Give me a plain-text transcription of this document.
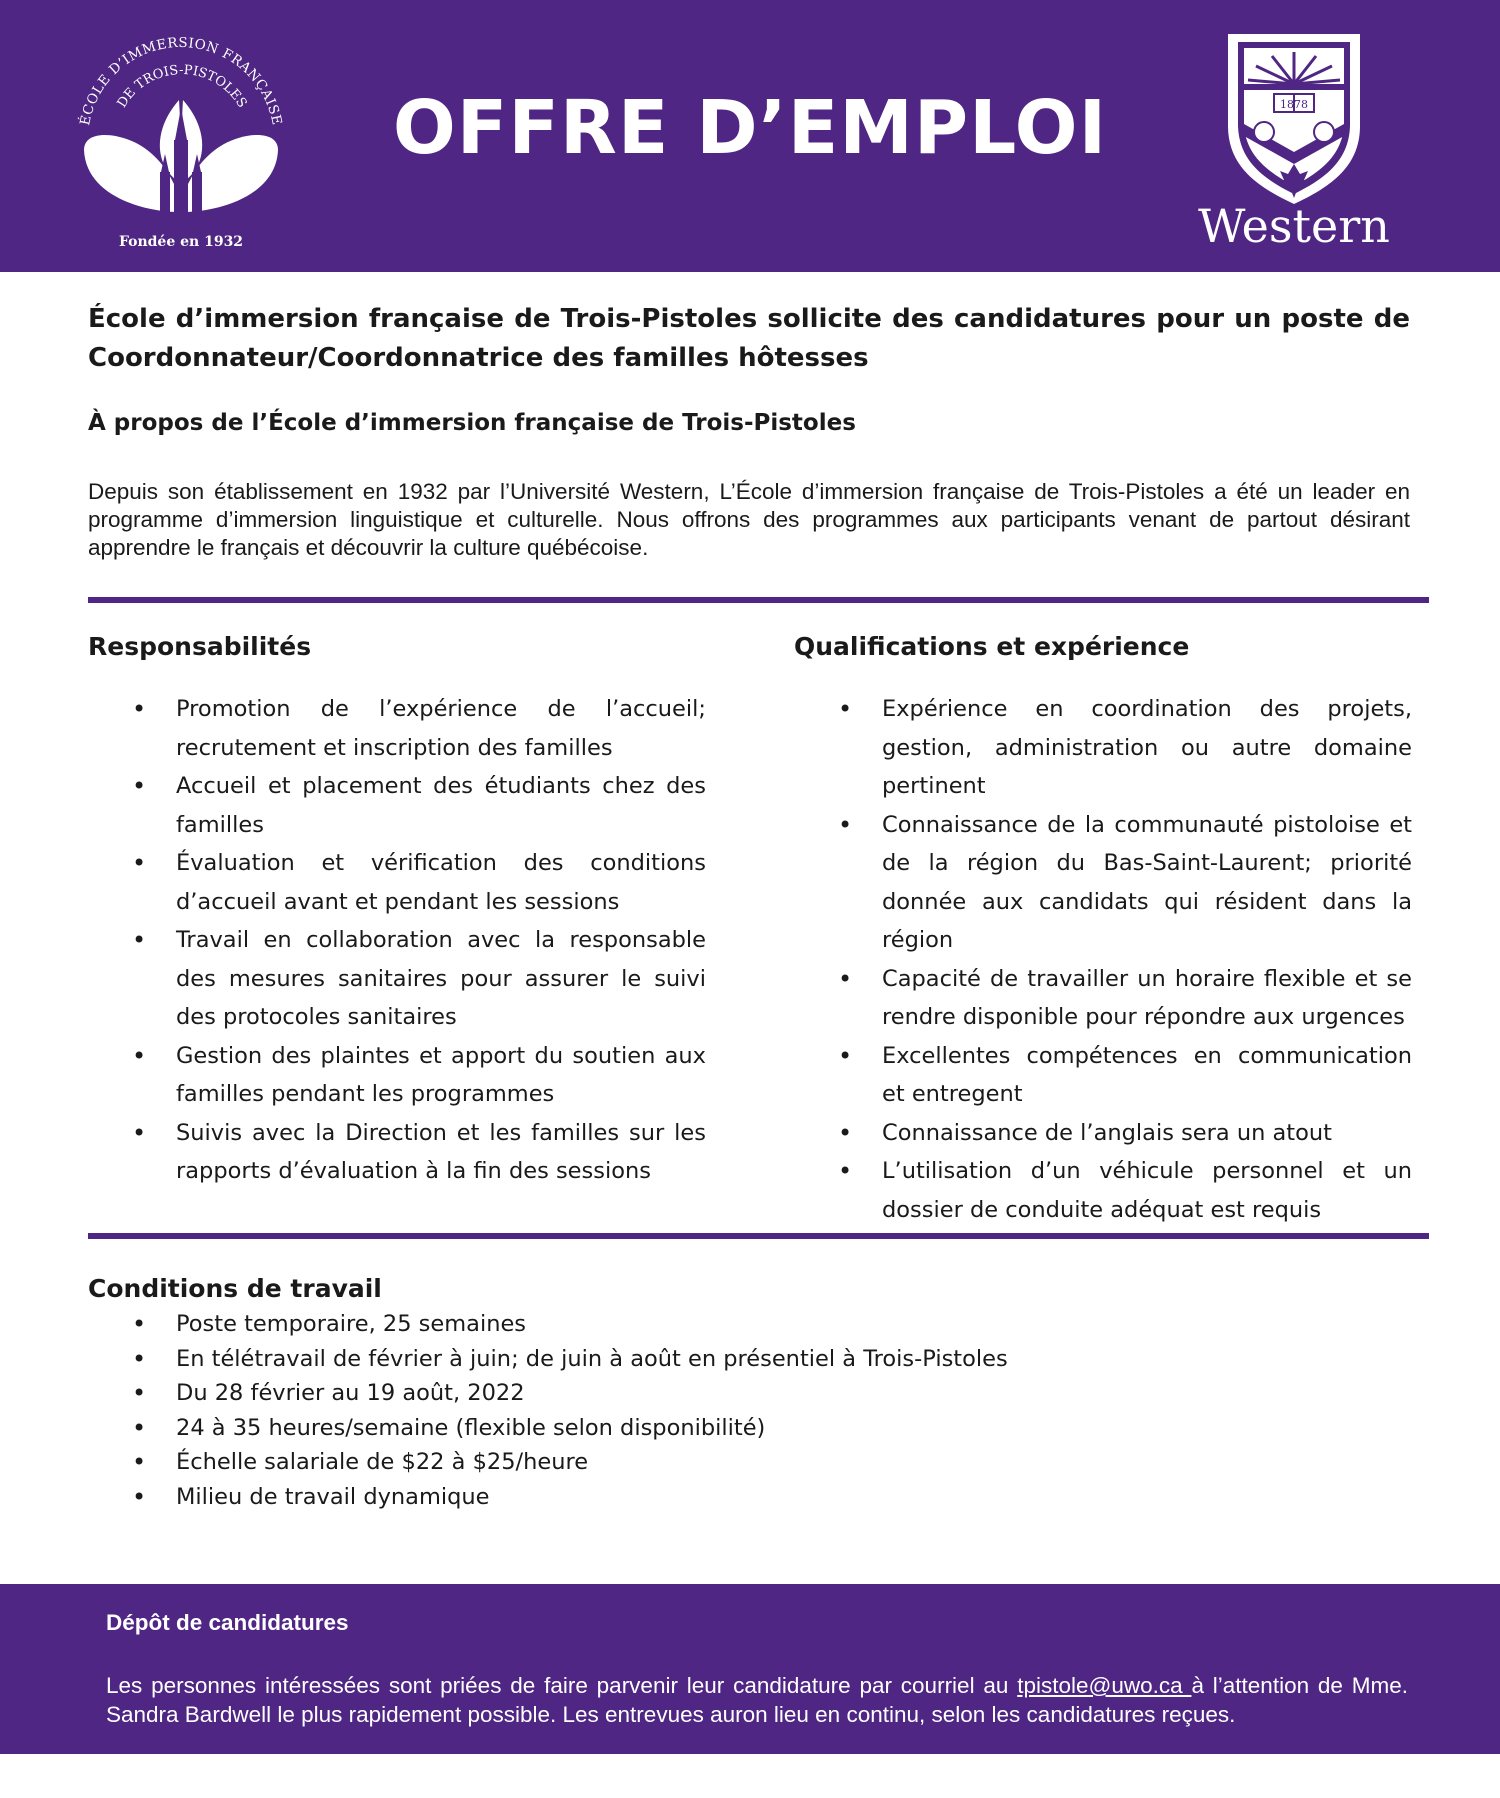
ÉCOLE D’IMMERSION FRANÇAISE
DE TROIS-PISTOLES
Fondée en 1932
OFFRE D’EMPLOI	1878
Western
École d’immersion française de Trois-Pistoles sollicite des candidatures pour un poste de Coordonnateur/Coordonnatrice des familles hôtesses
À propos de l’École d’immersion française de Trois-Pistoles
Depuis son établissement en 1932 par l’Université Western, L’École d’immersion française de Trois-Pistoles a été un leader en programme d’immersion linguistique et culturelle. Nous offrons des programmes aux participants venant de partout désirant apprendre le français et découvrir la culture québécoise.
Responsabilités
• Promotion de l’expérience de l’accueil; recrutement et inscription des familles
• Accueil et placement des étudiants chez des familles
• Évaluation et vérification des conditions d’accueil avant et pendant les sessions
• Travail en collaboration avec la responsable des mesures sanitaires pour assurer le suivi des protocoles sanitaires
• Gestion des plaintes et apport du soutien aux familles pendant les programmes
• Suivis avec la Direction et les familles sur les rapports d’évaluation à la fin des sessions
Qualifications et expérience
• Expérience en coordination des projets, gestion, administration ou autre domaine pertinent
• Connaissance de la communauté pistoloise et de la région du Bas-Saint-Laurent; priorité donnée aux candidats qui résident dans la région
• Capacité de travailler un horaire flexible et se rendre disponible pour répondre aux urgences
• Excellentes compétences en communication et entregent
• Connaissance de l’anglais sera un atout
• L’utilisation d’un véhicule personnel et un dossier de conduite adéquat est requis
Conditions de travail
• Poste temporaire, 25 semaines
• En télétravail de février à juin; de juin à août en présentiel à Trois-Pistoles
• Du 28 février au 19 août, 2022
• 24 à 35 heures/semaine (flexible selon disponibilité)
• Échelle salariale de $22 à $25/heure
• Milieu de travail dynamique
Dépôt de candidatures
Les personnes intéressées sont priées de faire parvenir leur candidature par courriel au tpistole@uwo.ca à l’attention de Mme. Sandra Bardwell le plus rapidement possible. Les entrevues auron lieu en continu, selon les candidatures reçues.
